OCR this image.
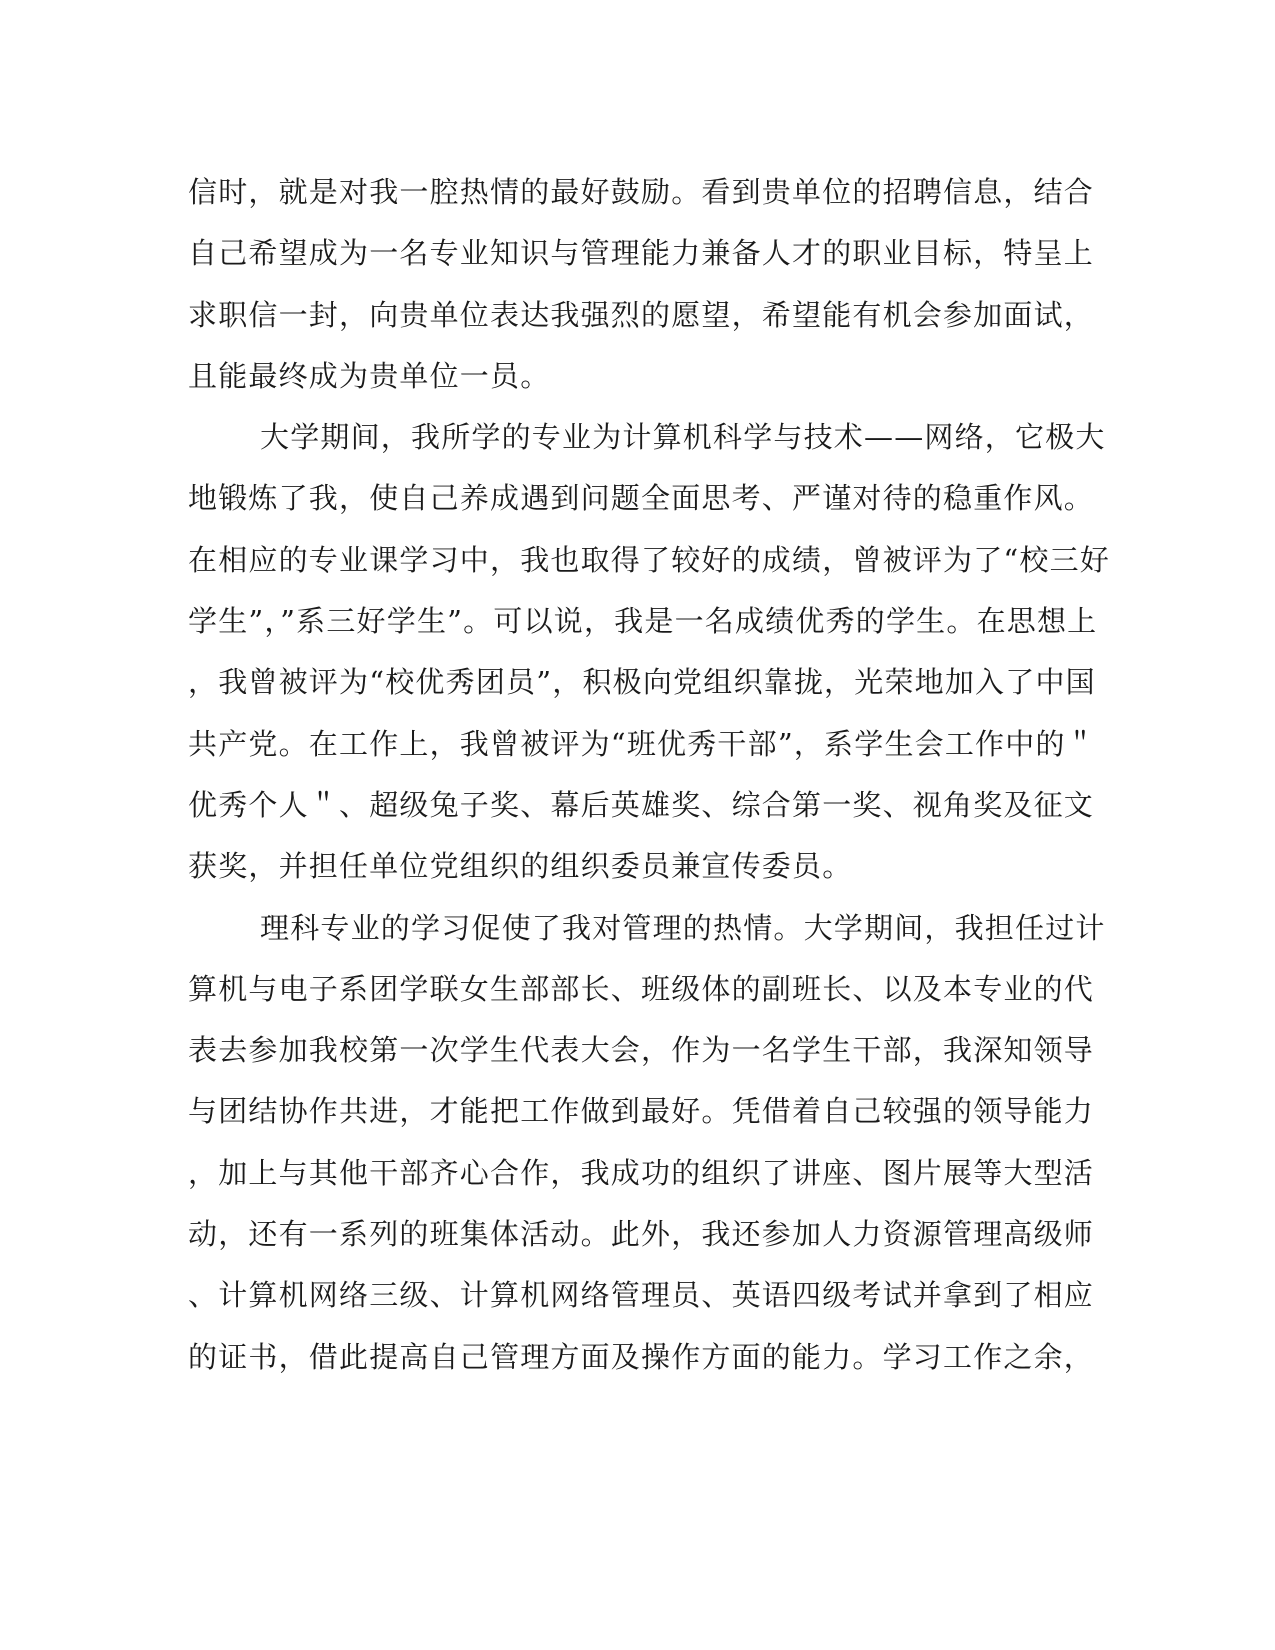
信时，就是对我一腔热情的最好鼓励。看到贵单位的招聘信息，结合
自己希望成为一名专业知识与管理能力兼备人才的职业目标，特呈上
求职信一封，向贵单位表达我强烈的愿望，希望能有机会参加面试，
且能最终成为贵单位一员。
大学期间，我所学的专业为计算机科学与技术——网络，它极大
地锻炼了我，使自己养成遇到问题全面思考、严谨对待的稳重作风。
在相应的专业课学习中，我也取得了较好的成绩，曾被评为了“校三好
学生”，”系三好学生”。可以说，我是一名成绩优秀的学生。在思想上
，我曾被评为“校优秀团员”，积极向党组织靠拢，光荣地加入了中国
共产党。在工作上，我曾被评为“班优秀干部”，系学生会工作中的＂
优秀个人＂、超级兔子奖、幕后英雄奖、综合第一奖、视角奖及征文
获奖，并担任单位党组织的组织委员兼宣传委员。
理科专业的学习促使了我对管理的热情。大学期间，我担任过计
算机与电子系团学联女生部部长、班级体的副班长、以及本专业的代
表去参加我校第一次学生代表大会，作为一名学生干部，我深知领导
与团结协作共进，才能把工作做到最好。凭借着自己较强的领导能力
，加上与其他干部齐心合作，我成功的组织了讲座、图片展等大型活
动，还有一系列的班集体活动。此外，我还参加人力资源管理高级师
、计算机网络三级、计算机网络管理员、英语四级考试并拿到了相应
的证书，借此提高自己管理方面及操作方面的能力。学习工作之余，
